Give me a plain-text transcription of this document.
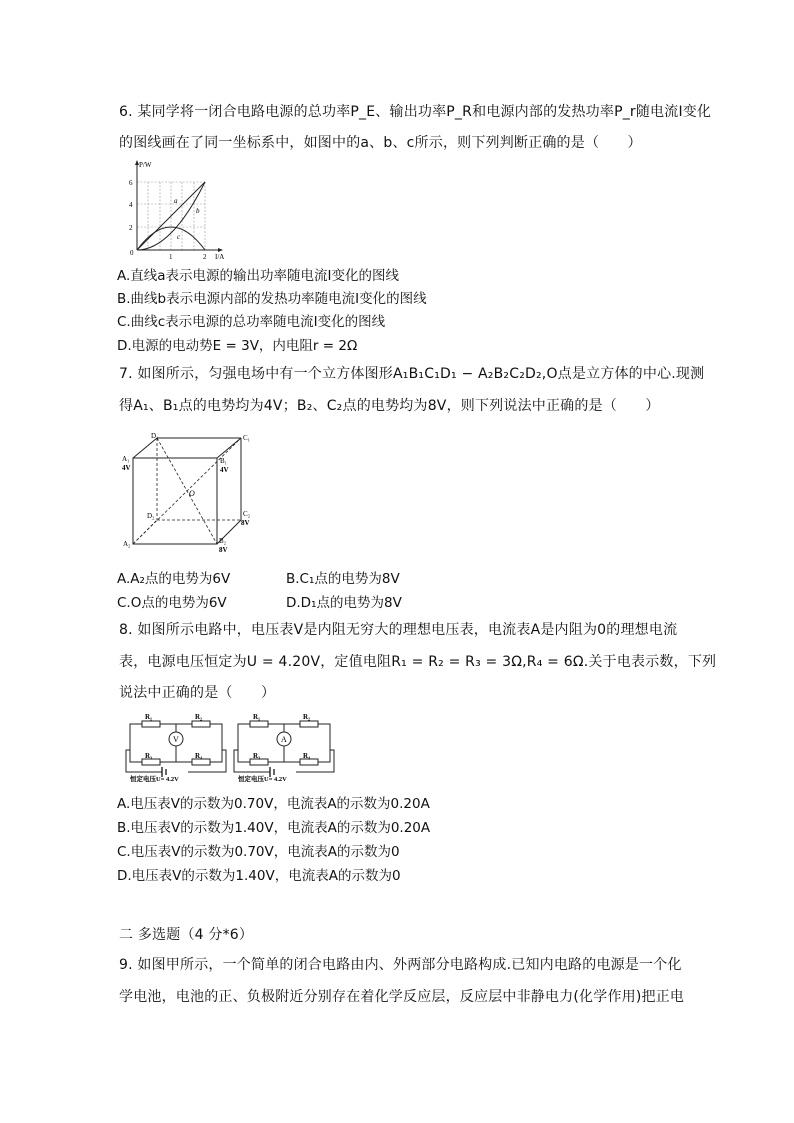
6. 某同学将一闭合电路电源的总功率P_E、输出功率P_R和电源内部的发热功率P_r随电流I变化
的图线画在了同一坐标系中，如图中的a、b、c所示，则下列判断正确的是（　　）
P/W
I/A
0
2
4
6
1	2
a
b
c
A.直线a表示电源的输出功率随电流I变化的图线
B.曲线b表示电源内部的发热功率随电流I变化的图线
C.曲线c表示电源的总功率随电流I变化的图线
D.电源的电动势E = 3V，内电阻r = 2Ω
7. 如图所示，匀强电场中有一个立方体图形A₁B₁C₁D₁ − A₂B₂C₂D₂,O点是立方体的中心.现测
得A₁、B₁点的电势均为4V；B₂、C₂点的电势均为8V，则下列说法中正确的是（　　）
D₁	C₁
A₁
4V
B₁
4V
O
D₂	C₂
8V
A₂	B₂
8V
A.A₂点的电势为6V	B.C₁点的电势为8V
C.O点的电势为6V	D.D₁点的电势为8V
8. 如图所示电路中，电压表V是内阻无穷大的理想电压表，电流表A是内阻为0的理想电流
表，电源电压恒定为U = 4.20V，定值电阻R₁ = R₂ = R₃ = 3Ω,R₄ = 6Ω.关于电表示数，下列
说法中正确的是（　　）
V
R₁	R₂
R₃	R₄
恒定电压U= 4.2V
A
R₁	R₂
R₃	R₄
恒定电压U= 4.2V
A.电压表V的示数为0.70V，电流表A的示数为0.20A
B.电压表V的示数为1.40V，电流表A的示数为0.20A
C.电压表V的示数为0.70V，电流表A的示数为0
D.电压表V的示数为1.40V，电流表A的示数为0
二 多选题（4 分*6）
9. 如图甲所示，一个简单的闭合电路由内、外两部分电路构成.已知内电路的电源是一个化
学电池，电池的正、负极附近分别存在着化学反应层，反应层中非静电力(化学作用)把正电
